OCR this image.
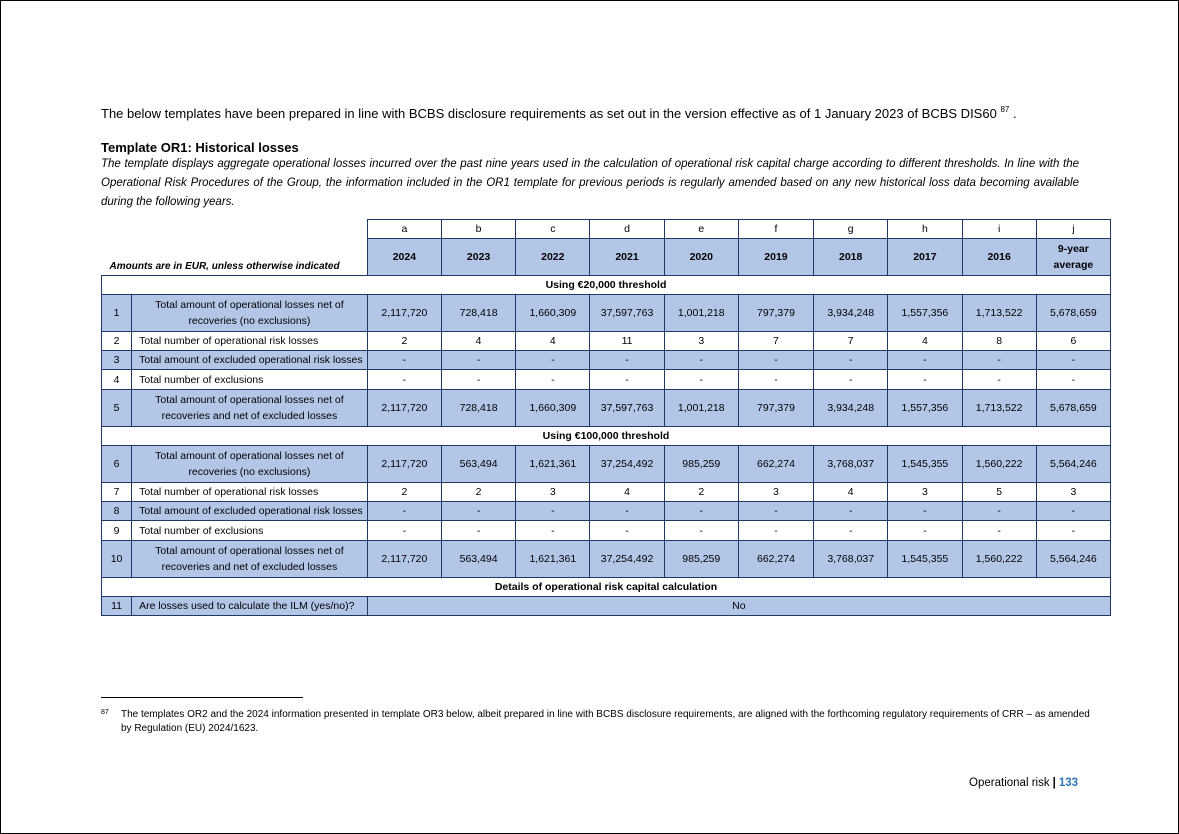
The below templates have been prepared in line with BCBS disclosure requirements as set out in the version effective as of 1 January 2023 of BCBS DIS60 $^{87}$ .
Template OR1: Historical losses
The template displays aggregate operational losses incurred over the past nine years used in the calculation of operational risk capital charge according to different thresholds. In line with the Operational Risk Procedures of the Group, the information included in the OR1 template for previous periods is regularly amended based on any new historical loss data becoming available during the following years.
Amounts are in EUR, unless otherwise indicated		a	b	c	d	e	f	g	h	i	j
		2024	2023	2022	2021	2020	2019	2018	2017	2016	9-year average
Using €20,000 threshold											
1	Total amount of operational losses net of recoveries (no exclusions)	2,117,720	728,418	1,660,309	37,597,763	1,001,218	797,379	3,934,248	1,557,356	1,713,522	5,678,659
2	Total number of operational risk losses	2	4	4	11	3	7	7	4	8	6
3	Total amount of excluded operational risk losses	-	-	-	-	-	-	-	-	-	-
4	Total number of exclusions	-	-	-	-	-	-	-	-	-	-
5	Total amount of operational losses net of recoveries and net of excluded losses	2,117,720	728,418	1,660,309	37,597,763	1,001,218	797,379	3,934,248	1,557,356	1,713,522	5,678,659
Using €100,000 threshold											
6	Total amount of operational losses net of recoveries (no exclusions)	2,117,720	563,494	1,621,361	37,254,492	985,259	662,274	3,768,037	1,545,355	1,560,222	5,564,246
7	Total number of operational risk losses	2	2	3	4	2	3	4	3	5	3
8	Total amount of excluded operational risk losses	-	-	-	-	-	-	-	-	-	-
9	Total number of exclusions	-	-	-	-	-	-	-	-	-	-
10	Total amount of operational losses net of recoveries and net of excluded losses	2,117,720	563,494	1,621,361	37,254,492	985,259	662,274	3,768,037	1,545,355	1,560,222	5,564,246
Details of operational risk capital calculation											
11	Are losses used to calculate the ILM (yes/no)?	No									
87 The templates OR2 and the 2024 information presented in template OR3 below, albeit prepared in line with BCBS disclosure requirements, are aligned with the forthcoming regulatory requirements of CRR – as amended by Regulation (EU) 2024/1623.
Operational risk | 133
